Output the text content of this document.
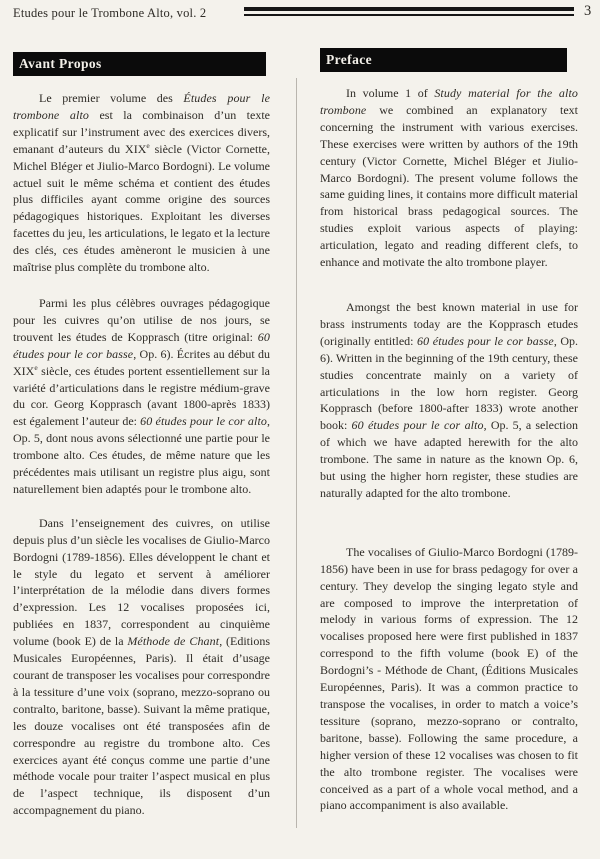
Etudes pour le Trombone Alto, vol. 2	3
Avant Propos

Le premier volume des Études pour le trombone alto est la combinaison d’un texte explicatif sur l’instrument avec des exercices divers, emanant d’auteurs du XIXe siècle (Victor Cornette, Michel Bléger et Jiulio-Marco Bordogni). Le volume actuel suit le même schéma et contient des études plus difficiles ayant comme origine des sources pédagogiques historiques. Exploitant les diverses facettes du jeu, les articulations, le legato et la lecture des clés, ces études amèneront le musicien à une maîtrise plus complète du trombone alto.

Parmi les plus célèbres ouvrages pédagogique pour les cuivres qu’on utilise de nos jours, se trouvent les études de Kopprasch (titre original: 60 études pour le cor basse, Op. 6). Écrites au début du XIXe siècle, ces études portent essentiellement sur la variété d’articulations dans le registre médium-grave du cor. Georg Kopprasch (avant 1800-après 1833) est également l’auteur de: 60 études pour le cor alto, Op. 5, dont nous avons sélectionné une partie pour le trombone alto. Ces études, de même nature que les précédentes mais utilisant un registre plus aigu, sont naturellement bien adaptés pour le trombone alto.

Dans l’enseignement des cuivres, on utilise depuis plus d’un siècle les vocalises de Giulio-Marco Bordogni (1789-1856). Elles développent le chant et le style du legato et servent à améliorer l’interprétation de la mélodie dans divers formes d’expression. Les 12 vocalises proposées ici, publiées en 1837, correspondent au cinquième volume (book E) de la Méthode de Chant, (Editions Musicales Européennes, Paris). Il était d’usage courant de transposer les vocalises pour correspondre à la tessiture d’une voix (soprano, mezzo-soprano ou contralto, baritone, basse). Suivant la même pratique, les douze vocalises ont été transposées afin de correspondre au registre du trombone alto. Ces exercices ayant été conçus comme une partie d’une méthode vocale pour traiter l’aspect musical en plus de l’aspect technique, ils disposent d’un accompagnement du piano.

Preface

In volume 1 of Study material for the alto trombone we combined an explanatory text concerning the instrument with various exercises. These exercises were written by authors of the 19th century (Victor Cornette, Michel Bléger et Jiulio-Marco Bordogni). The present volume follows the same guiding lines, it contains more difficult material from historical brass pedagogical sources. The studies exploit various aspects of playing: articulation, legato and reading different clefs, to enhance and motivate the alto trombone player.

Amongst the best known material in use for brass instruments today are the Kopprasch etudes (originally entitled: 60 études pour le cor basse, Op. 6). Written in the beginning of the 19th century, these studies concentrate mainly on a variety of articulations in the low horn register. Georg Kopprasch (before 1800-after 1833) wrote another book: 60 études pour le cor alto, Op. 5, a selection of which we have adapted herewith for the alto trombone. The same in nature as the known Op. 6, but using the higher horn register, these studies are naturally adapted for the alto trombone.

The vocalises of Giulio-Marco Bordogni (1789-1856) have been in use for brass pedagogy for over a century. They develop the singing legato style and are composed to improve the interpretation of melody in various forms of expression. The 12 vocalises proposed here were first published in 1837 correspond to the fifth volume (book E) of the Bordogni’s - Méthode de Chant, (Éditions Musicales Européennes, Paris). It was a common practice to transpose the vocalises, in order to match a voice’s tessiture (soprano, mezzo-soprano or contralto, baritone, basse). Following the same procedure, a higher version of these 12 vocalises was chosen to fit the alto trombone register. The vocalises were conceived as a part of a whole vocal method, and a piano accompaniment is also available.
